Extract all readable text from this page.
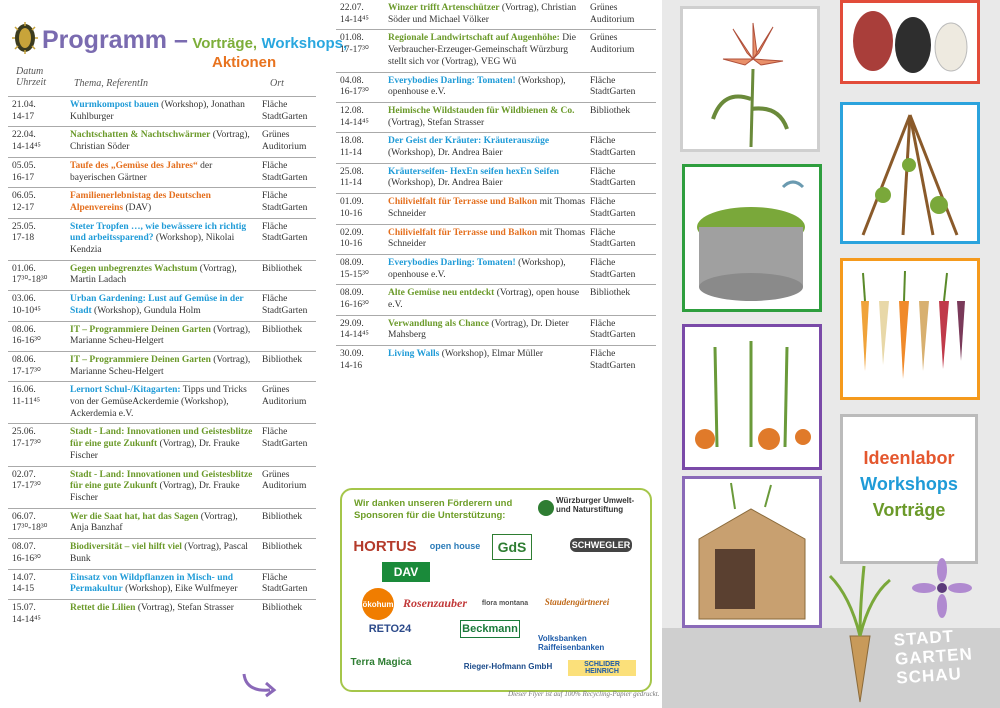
Programm – Vorträge, Workshops,
Aktionen
Datum
Uhrzeit	Thema, ReferentIn	Ort
21.04.
14-17
Wurmkompost bauen (Workshop), Jonathan Kuhlburger
Fläche StadtGarten
22.04.
14-14⁴⁵
Nachtschatten & Nachtschwärmer (Vortrag), Christian Söder
Grünes Auditorium
05.05.
16-17
Taufe des „Gemüse des Jahres“ der bayerischen Gärtner
Fläche StadtGarten
06.05.
12-17
Familienerlebnistag des Deutschen Alpenvereins (DAV)
Fläche StadtGarten
25.05.
17-18
Steter Tropfen …, wie bewässere ich richtig und arbeitssparend? (Workshop), Nikolai Kendzia
Fläche StadtGarten
01.06.
17³⁰-18³⁰
Gegen unbegrenztes Wachstum (Vortrag), Martin Ladach
Bibliothek
03.06.
10-10⁴⁵
Urban Gardening: Lust auf Gemüse in der Stadt (Workshop), Gundula Holm
Fläche StadtGarten
08.06.
16-16³⁰
IT – Programmiere Deinen Garten (Vortrag), Marianne Scheu-Helgert
Bibliothek
08.06.
17-17³⁰
IT – Programmiere Deinen Garten (Vortrag), Marianne Scheu-Helgert
Bibliothek
16.06.
11-11⁴⁵
Lernort Schul-/Kitagarten: Tipps und Tricks von der GemüseAckerdemie (Workshop), Ackerdemia e.V.
Grünes Auditorium
25.06.
17-17³⁰
Stadt - Land: Innovationen und Geistesblitze für eine gute Zukunft (Vortrag), Dr. Frauke Fischer
Fläche StadtGarten
02.07.
17-17³⁰
Stadt - Land: Innovationen und Geistesblitze für eine gute Zukunft (Vortrag), Dr. Frauke Fischer
Grünes Auditorium
06.07.
17³⁰-18³⁰
Wer die Saat hat, hat das Sagen (Vortrag), Anja Banzhaf
Bibliothek
08.07.
16-16³⁰
Biodiversität – viel hilft viel (Vortrag), Pascal Bunk
Bibliothek
14.07.
14-15
Einsatz von Wildpflanzen in Misch- und Permakultur (Workshop), Eike Wulfmeyer
Fläche StadtGarten
15.07.
14-14⁴⁵
Rettet die Lilien (Vortrag), Stefan Strasser	Bibliothek
22.07.
14-14⁴⁵
Winzer trifft Artenschützer (Vortrag), Christian Söder und Michael Völker
Grünes Auditorium
01.08.
17-17³⁰
Regionale Landwirtschaft auf Augenhöhe: Die Verbraucher-Erzeuger-Gemeinschaft Würzburg stellt sich vor (Vortrag), VEG Wü
Grünes Auditorium
04.08.
16-17³⁰
Everybodies Darling: Tomaten! (Workshop), openhouse e.V.
Fläche StadtGarten
12.08.
14-14⁴⁵
Heimische Wildstauden für Wildbienen & Co. (Vortrag), Stefan Strasser
Bibliothek
18.08.
11-14
Der Geist der Kräuter: Kräuterauszüge (Workshop), Dr. Andrea Baier
Fläche StadtGarten
25.08.
11-14
Kräuterseifen- HexEn seifen hexEn Seifen (Workshop), Dr. Andrea Baier
Fläche StadtGarten
01.09.
10-16
Chilivielfalt für Terrasse und Balkon mit Thomas Schneider
Fläche StadtGarten
02.09.
10-16
Chilivielfalt für Terrasse und Balkon mit Thomas Schneider
Fläche StadtGarten
08.09.
15-15³⁰
Everybodies Darling: Tomaten! (Workshop), openhouse e.V.
Fläche StadtGarten
08.09.
16-16³⁰
Alte Gemüse neu entdeckt (Vortrag), open house e.V.
Bibliothek
29.09.
14-14⁴⁵
Verwandlung als Chance (Vortrag), Dr. Dieter Mahsberg
Fläche StadtGarten
30.09.
14-16
Living Walls (Workshop), Elmar Müller	Fläche StadtGarten
Wir danken unseren Förderern und Sponsoren für die Unterstützung:
Würzburger Umwelt- und Naturstiftung
HORTUS	open house	GdS	SCHWEGLER
DAV
ökohum Rosenzauber flora montana	Staudengärtnerei
RETO24	Beckmann
Volksbanken Raiffeisenbanken
Terra Magica	Rieger-Hofmann GmbH	SCHLIDER HEINRICH
Dieser Flyer ist auf 100% Recycling-Papier gedruckt.
Ideenlabor
Workshops
Vorträge
STADT
GARTEN
SCHAU
